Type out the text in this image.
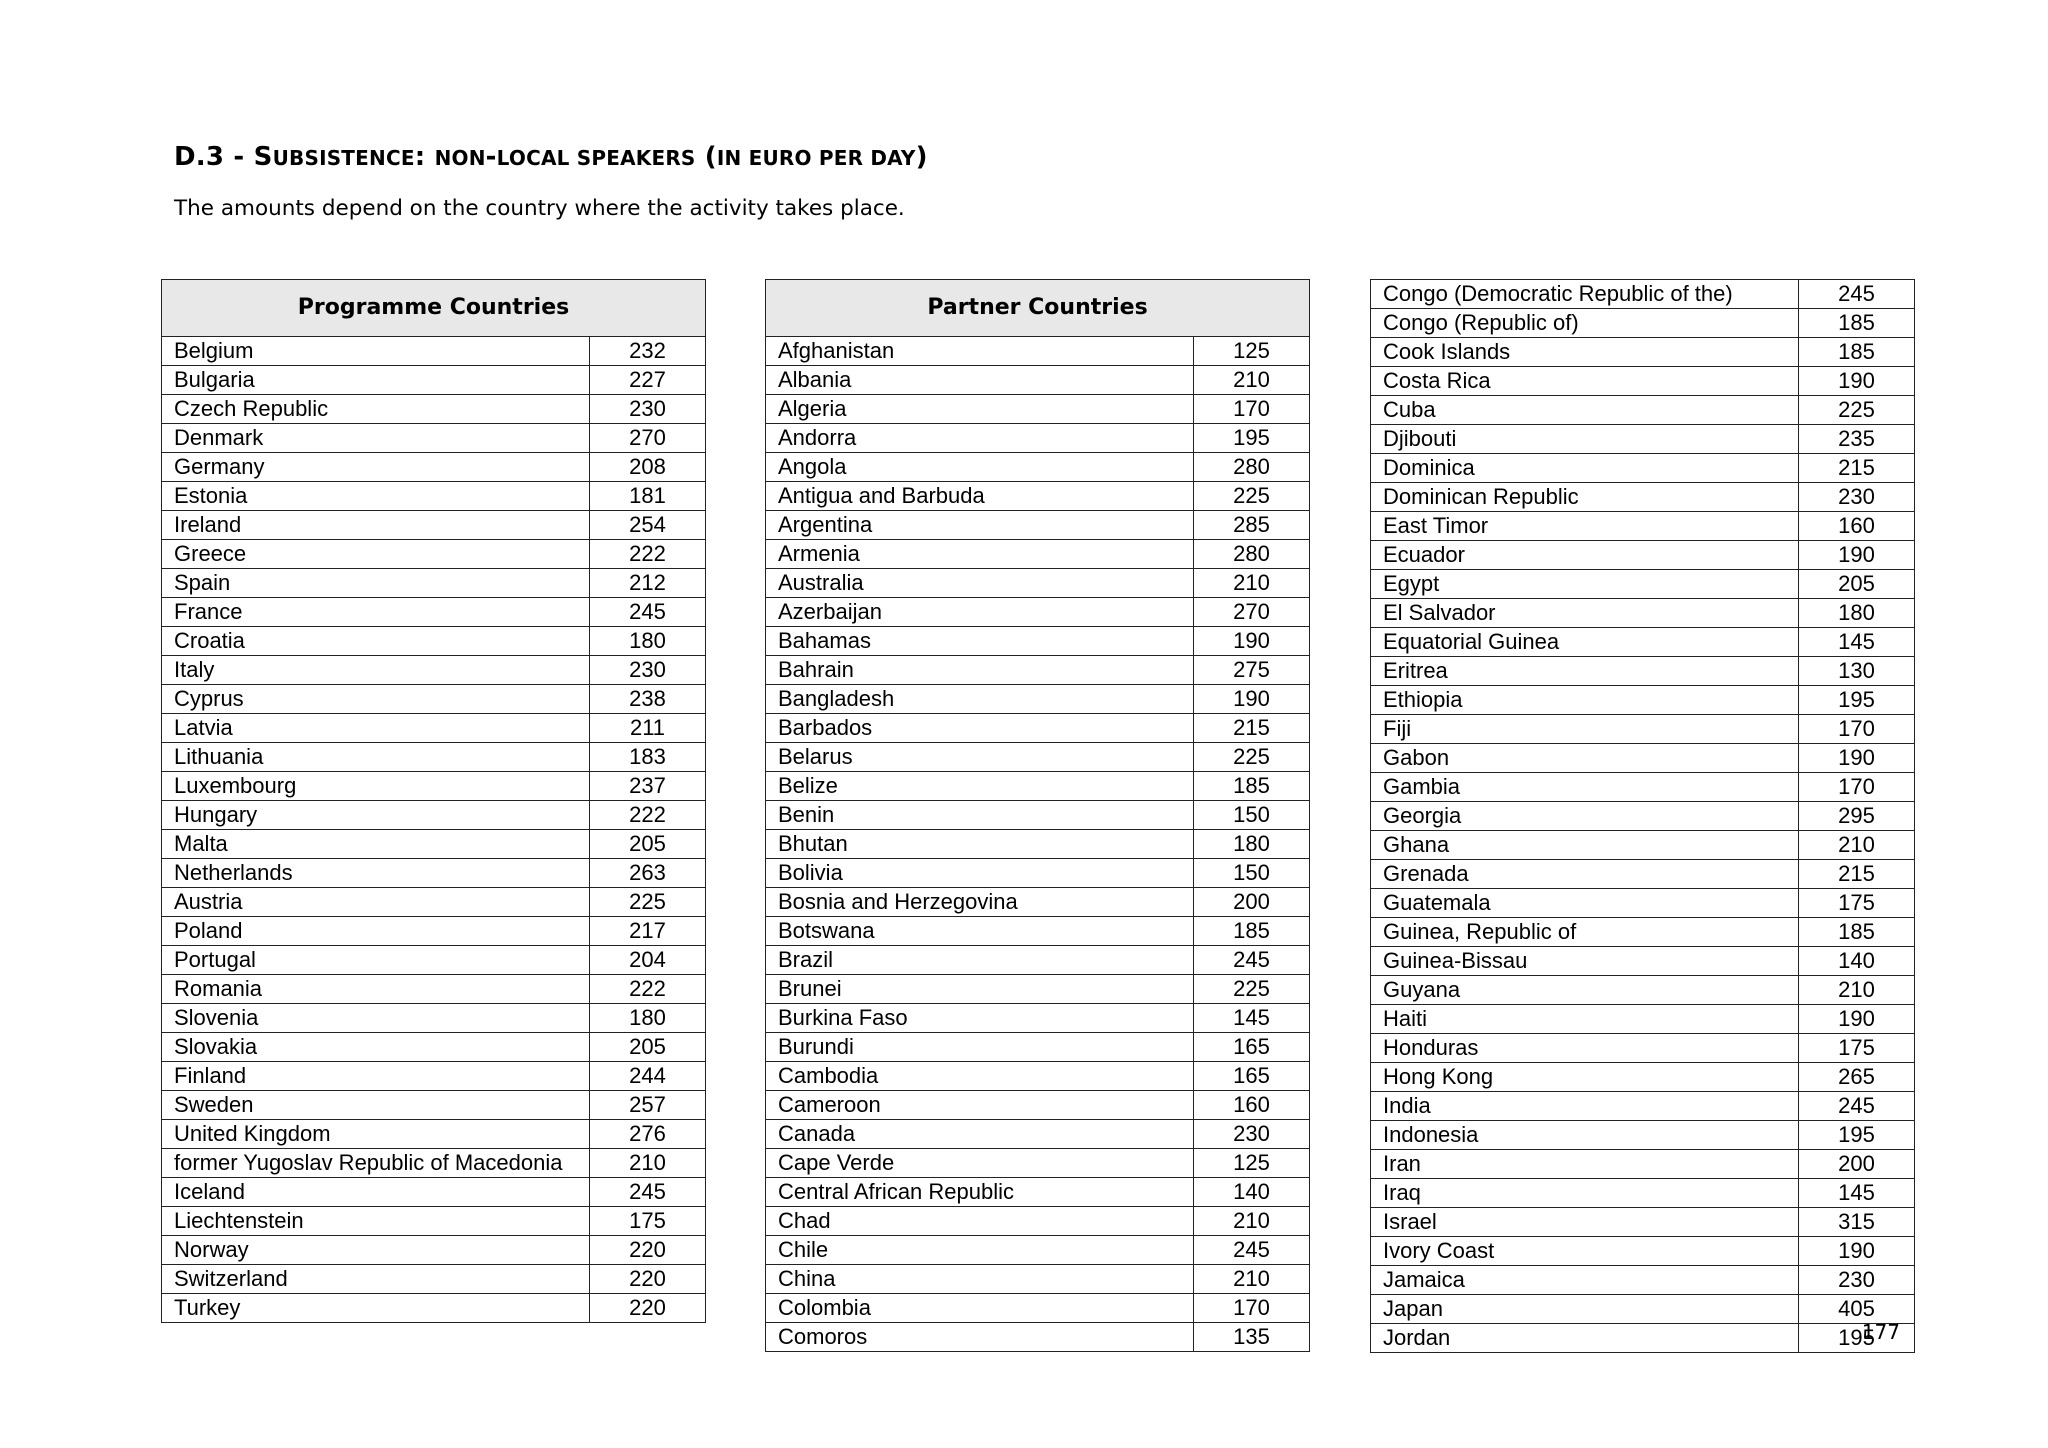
D.3 - SUBSISTENCE: NON-LOCAL SPEAKERS (IN EURO PER DAY)
The amounts depend on the country where the activity takes place.
Programme Countries	
Belgium	232
Bulgaria	227
Czech Republic	230
Denmark	270
Germany	208
Estonia	181
Ireland	254
Greece	222
Spain	212
France	245
Croatia	180
Italy	230
Cyprus	238
Latvia	211
Lithuania	183
Luxembourg	237
Hungary	222
Malta	205
Netherlands	263
Austria	225
Poland	217
Portugal	204
Romania	222
Slovenia	180
Slovakia	205
Finland	244
Sweden	257
United Kingdom	276
former Yugoslav Republic of Macedonia	210
Iceland	245
Liechtenstein	175
Norway	220
Switzerland	220
Turkey	220
Partner Countries	
Afghanistan	125
Albania	210
Algeria	170
Andorra	195
Angola	280
Antigua and Barbuda	225
Argentina	285
Armenia	280
Australia	210
Azerbaijan	270
Bahamas	190
Bahrain	275
Bangladesh	190
Barbados	215
Belarus	225
Belize	185
Benin	150
Bhutan	180
Bolivia	150
Bosnia and Herzegovina	200
Botswana	185
Brazil	245
Brunei	225
Burkina Faso	145
Burundi	165
Cambodia	165
Cameroon	160
Canada	230
Cape Verde	125
Central African Republic	140
Chad	210
Chile	245
China	210
Colombia	170
Comoros	135
Congo (Democratic Republic of the)	245
Congo (Republic of)	185
Cook Islands	185
Costa Rica	190
Cuba	225
Djibouti	235
Dominica	215
Dominican Republic	230
East Timor	160
Ecuador	190
Egypt	205
El Salvador	180
Equatorial Guinea	145
Eritrea	130
Ethiopia	195
Fiji	170
Gabon	190
Gambia	170
Georgia	295
Ghana	210
Grenada	215
Guatemala	175
Guinea, Republic of	185
Guinea-Bissau	140
Guyana	210
Haiti	190
Honduras	175
Hong Kong	265
India	245
Indonesia	195
Iran	200
Iraq	145
Israel	315
Ivory Coast	190
Jamaica	230
Japan	405
Jordan	195
177
